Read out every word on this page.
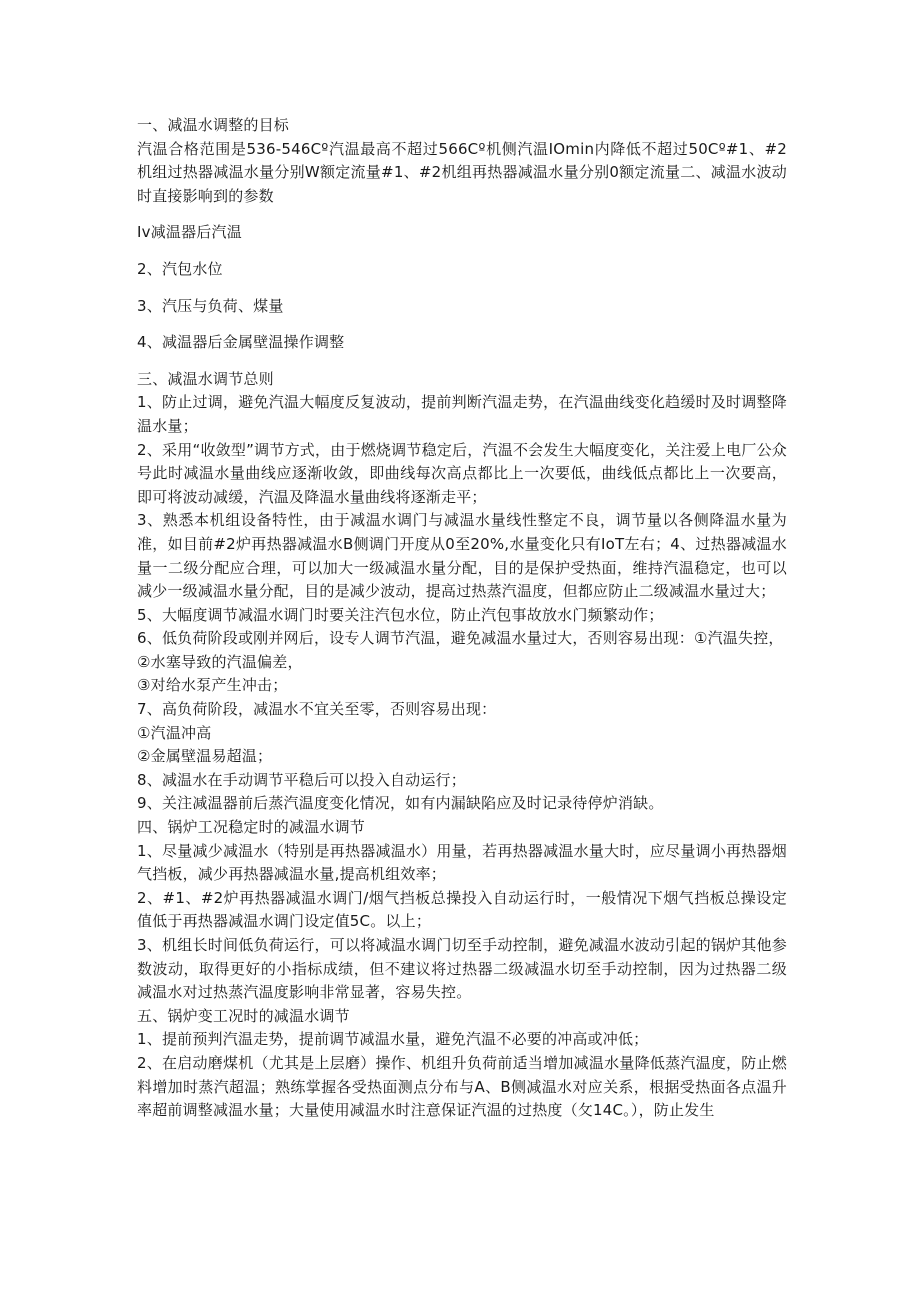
一、减温水调整的目标

汽温合格范围是536-546Cº汽温最高不超过566Cº机侧汽温IOmin内降低不超过50Cº#1、#2机组过热器减温水量分别W额定流量#1、#2机组再热器减温水量分别0额定流量二、减温水波动时直接影响到的参数

Iv减温器后汽温

2、汽包水位

3、汽压与负荷、煤量

4、减温器后金属壁温操作调整

三、减温水调节总则

1、防止过调，避免汽温大幅度反复波动，提前判断汽温走势，在汽温曲线变化趋缓时及时调整降温水量；

2、采用“收敛型”调节方式，由于燃烧调节稳定后，汽温不会发生大幅度变化，关注爱上电厂公众号此时减温水量曲线应逐渐收敛，即曲线每次高点都比上一次要低，曲线低点都比上一次要高，即可将波动减缓，汽温及降温水量曲线将逐渐走平；

3、熟悉本机组设备特性，由于减温水调门与减温水量线性整定不良，调节量以各侧降温水量为准，如目前#2炉再热器减温水B侧调门开度从0至20%,水量变化只有IoT左右；4、过热器减温水量一二级分配应合理，可以加大一级减温水量分配，目的是保护受热面，维持汽温稳定，也可以减少一级减温水量分配，目的是减少波动，提高过热蒸汽温度，但都应防止二级减温水量过大；

5、大幅度调节减温水调门时要关注汽包水位，防止汽包事故放水门频繁动作；

6、低负荷阶段或刚并网后，设专人调节汽温，避免减温水量过大，否则容易出现：①汽温失控，

②水塞导致的汽温偏差，

③对给水泵产生冲击；

7、高负荷阶段，减温水不宜关至零，否则容易出现：

①汽温冲高

②金属壁温易超温；

8、减温水在手动调节平稳后可以投入自动运行；

9、关注减温器前后蒸汽温度变化情况，如有内漏缺陷应及时记录待停炉消缺。

四、锅炉工况稳定时的减温水调节

1、尽量减少减温水（特别是再热器减温水）用量，若再热器减温水量大时，应尽量调小再热器烟气挡板，减少再热器减温水量,提高机组效率；

2、#1、#2炉再热器减温水调门/烟气挡板总操投入自动运行时，一般情况下烟气挡板总操设定值低于再热器减温水调门设定值5C。以上；

3、机组长时间低负荷运行，可以将减温水调门切至手动控制，避免减温水波动引起的锅炉其他参数波动，取得更好的小指标成绩，但不建议将过热器二级减温水切至手动控制，因为过热器二级减温水对过热蒸汽温度影响非常显著，容易失控。

五、锅炉变工况时的减温水调节

1、提前预判汽温走势，提前调节减温水量，避免汽温不必要的冲高或冲低；

2、在启动磨煤机（尤其是上层磨）操作、机组升负荷前适当增加减温水量降低蒸汽温度，防止燃料增加时蒸汽超温；熟练掌握各受热面测点分布与A、B侧减温水对应关系，根据受热面各点温升率超前调整减温水量；大量使用减温水时注意保证汽温的过热度（攵14C。），防止发生
